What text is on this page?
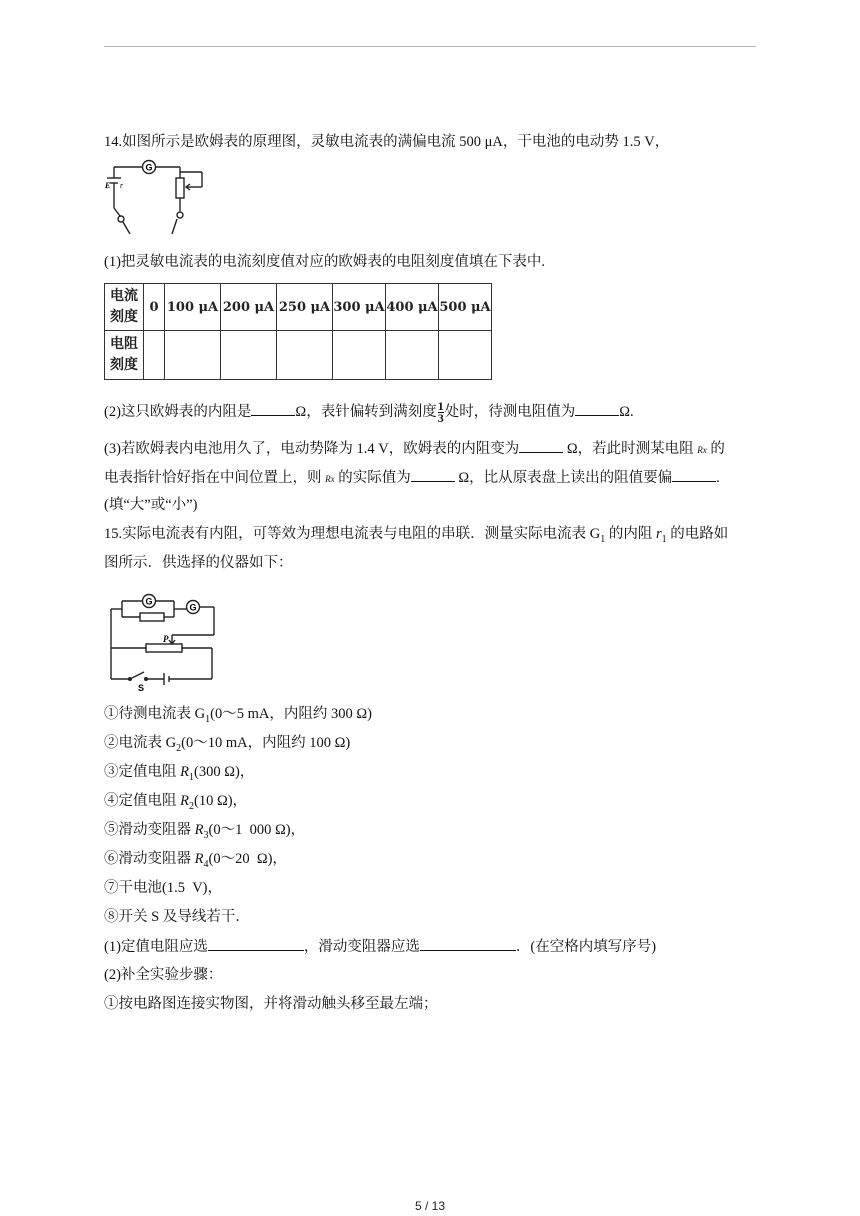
14.如图所示是欧姆表的原理图，灵敏电流表的满偏电流 500 μA，干电池的电动势 1.5 V，
G
E r
(1)把灵敏电流表的电流刻度值对应的欧姆表的电阻刻度值填在下表中.
电流
刻度	0	100 μA	200 μA	250 μA	300 μA	400 μA	500 μA
电阻
刻度							
(2)这只欧姆表的内阻是	Ω，表针偏转到满刻度 $\frac{1}{3}$ 处时，待测电阻值为	Ω.
(3)若欧姆表内电池用久了，电动势降为 1.4 V，欧姆表的内阻变为	Ω，若此时测某电阻 Rx 的
电表指针恰好指在中间位置上，则 Rx 的实际值为	Ω，比从原表盘上读出的阻值要偏	.
(填“大”或“小”)
15.实际电流表有内阻，可等效为理想电流表与电阻的串联．测量实际电流表 $G_1$ 的内阻 $r_1$ 的电路如
图所示．供选择的仪器如下：
G
G
P
S
①待测电流表 $G_1(0\sim 5$ mA，内阻约 300 Ω)
②电流表 $G_2(0\sim 10$ mA，内阻约 100 Ω)
③定值电阻 $R_1(300$ Ω)，
④定值电阻 $R_2(10$ Ω)，
⑤滑动变阻器 $R_3(0\sim 1$  000 Ω)，
⑥滑动变阻器 $R_4(0\sim 20$  Ω)，
⑦干电池(1.5  V)，
⑧开关 S 及导线若干．
(1)定值电阻应选	，滑动变阻器应选	．(在空格内填写序号)
(2)补全实验步骤：
①按电路图连接实物图，并将滑动触头移至最左端；
5 / 13
